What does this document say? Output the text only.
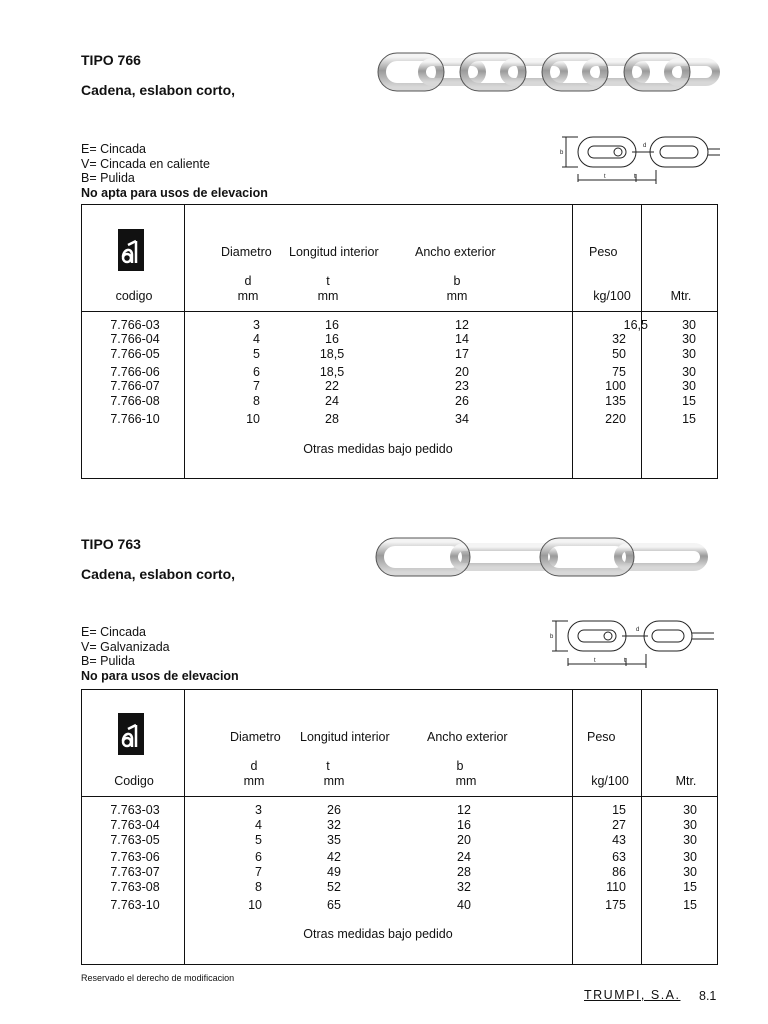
TIPO 766
Cadena, eslabon corto,
b
d
t	t
E= Cincada
V= Cincada en caliente
B= Pulida
No apta para usos de elevacion
Diametro Longitud interior	Ancho exterior	Peso
d	t	b
codigo	mm	mm	mm	kg/100	Mtr.
7.766-03	3	16	12	16,5	30
7.766-04	4	16	14	32	30
7.766-05	5	18,5	17	50	30
7.766-06	6	18,5	20	75	30
7.766-07	7	22	23	100	30
7.766-08	8	24	26	135	15
7.766-10	10	28	34	220	15
Otras medidas bajo pedido
TIPO 763
Cadena, eslabon corto,
b
d
t	t
E= Cincada
V= Galvanizada
B= Pulida
No para usos de elevacion
Diametro Longitud interior	Ancho exterior	Peso
d	t	b
Codigo	mm	mm	mm	kg/100	Mtr.
7.763-03	3	26	12	15	30
7.763-04	4	32	16	27	30
7.763-05	5	35	20	43	30
7.763-06	6	42	24	63	30
7.763-07	7	49	28	86	30
7.763-08	8	52	32	110	15
7.763-10	10	65	40	175	15
Otras medidas bajo pedido
Reservado el derecho de modificacion
TRUMPI, S.A. 8.1
